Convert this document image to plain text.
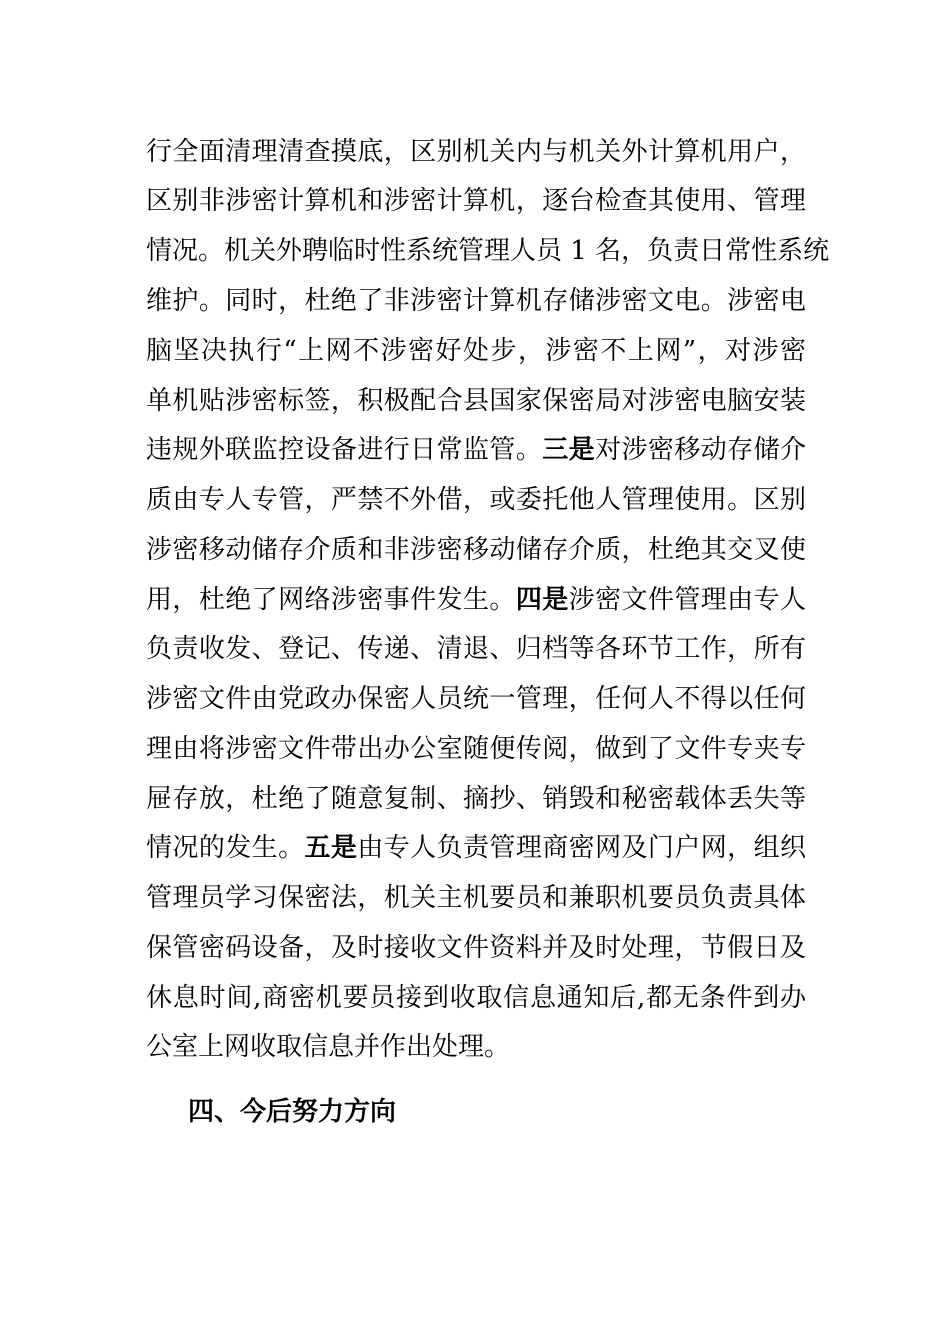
行全面清理清查摸底，区别机关内与机关外计算机用户，
区别非涉密计算机和涉密计算机，逐台检查其使用、管理
情况。机关外聘临时性系统管理人员 1 名，负责日常性系统
维护。同时，杜绝了非涉密计算机存储涉密文电。涉密电
脑坚决执行“上网不涉密好处步，涉密不上网”，对涉密
单机贴涉密标签，积极配合县国家保密局对涉密电脑安装
违规外联监控设备进行日常监管。三是对涉密移动存储介
质由专人专管，严禁不外借，或委托他人管理使用。区别
涉密移动储存介质和非涉密移动储存介质，杜绝其交叉使
用，杜绝了网络涉密事件发生。四是涉密文件管理由专人
负责收发、登记、传递、清退、归档等各环节工作，所有
涉密文件由党政办保密人员统一管理，任何人不得以任何
理由将涉密文件带出办公室随便传阅，做到了文件专夹专
屉存放，杜绝了随意复制、摘抄、销毁和秘密载体丢失等
情况的发生。五是由专人负责管理商密网及门户网，组织
管理员学习保密法，机关主机要员和兼职机要员负责具体
保管密码设备，及时接收文件资料并及时处理，节假日及
休息时间,商密机要员接到收取信息通知后,都无条件到办
公室上网收取信息并作出处理。
四、今后努力方向
